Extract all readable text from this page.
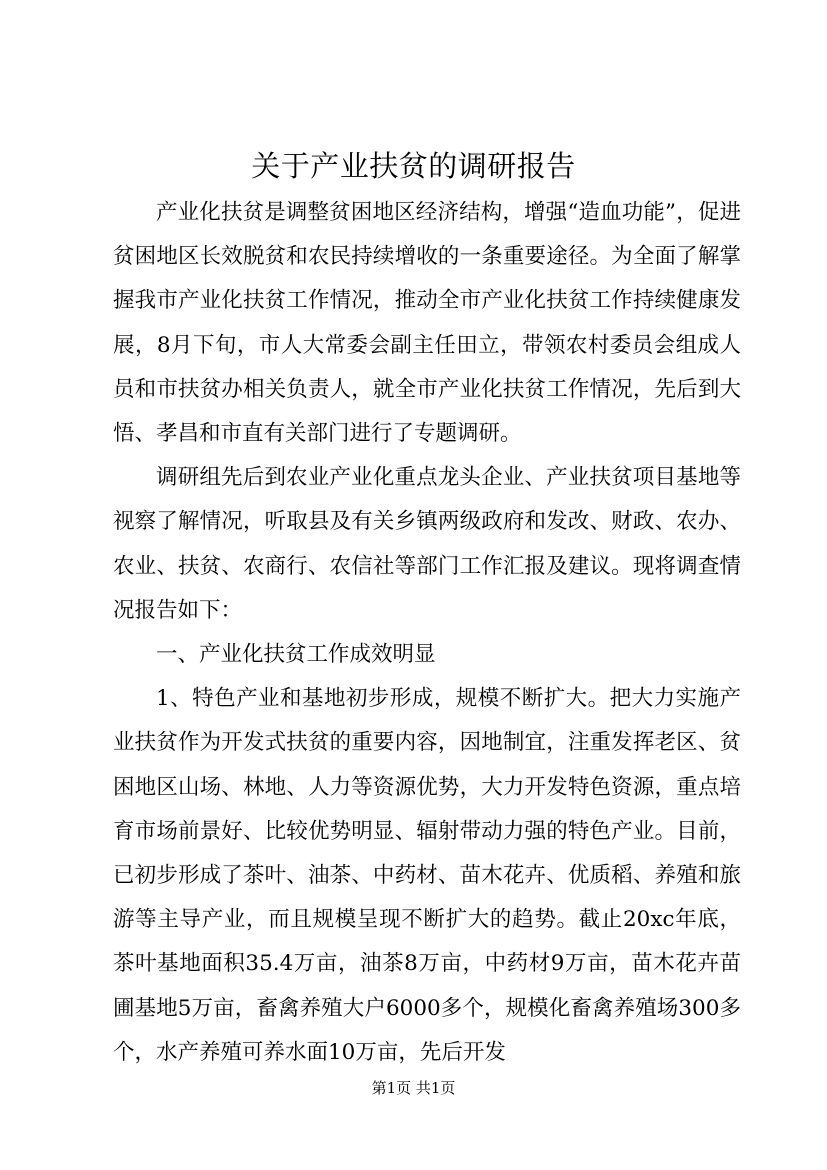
关于产业扶贫的调研报告

产业化扶贫是调整贫困地区经济结构，增强“造血功能”，促进贫困地区长效脱贫和农民持续增收的一条重要途径。为全面了解掌握我市产业化扶贫工作情况，推动全市产业化扶贫工作持续健康发展，8月下旬，市人大常委会副主任田立，带领农村委员会组成人员和市扶贫办相关负责人，就全市产业化扶贫工作情况，先后到大悟、孝昌和市直有关部门进行了专题调研。

调研组先后到农业产业化重点龙头企业、产业扶贫项目基地等视察了解情况，听取县及有关乡镇两级政府和发改、财政、农办、农业、扶贫、农商行、农信社等部门工作汇报及建议。现将调查情况报告如下：

一、产业化扶贫工作成效明显

1、特色产业和基地初步形成，规模不断扩大。把大力实施产业扶贫作为开发式扶贫的重要内容，因地制宜，注重发挥老区、贫困地区山场、林地、人力等资源优势，大力开发特色资源，重点培育市场前景好、比较优势明显、辐射带动力强的特色产业。目前，已初步形成了茶叶、油茶、中药材、苗木花卉、优质稻、养殖和旅游等主导产业，而且规模呈现不断扩大的趋势。截止20xc年底，茶叶基地面积35.4万亩，油茶8万亩，中药材9万亩，苗木花卉苗圃基地5万亩，畜禽养殖大户6000多个，规模化畜禽养殖场300多个，水产养殖可养水面10万亩，先后开发

第1页 共1页
